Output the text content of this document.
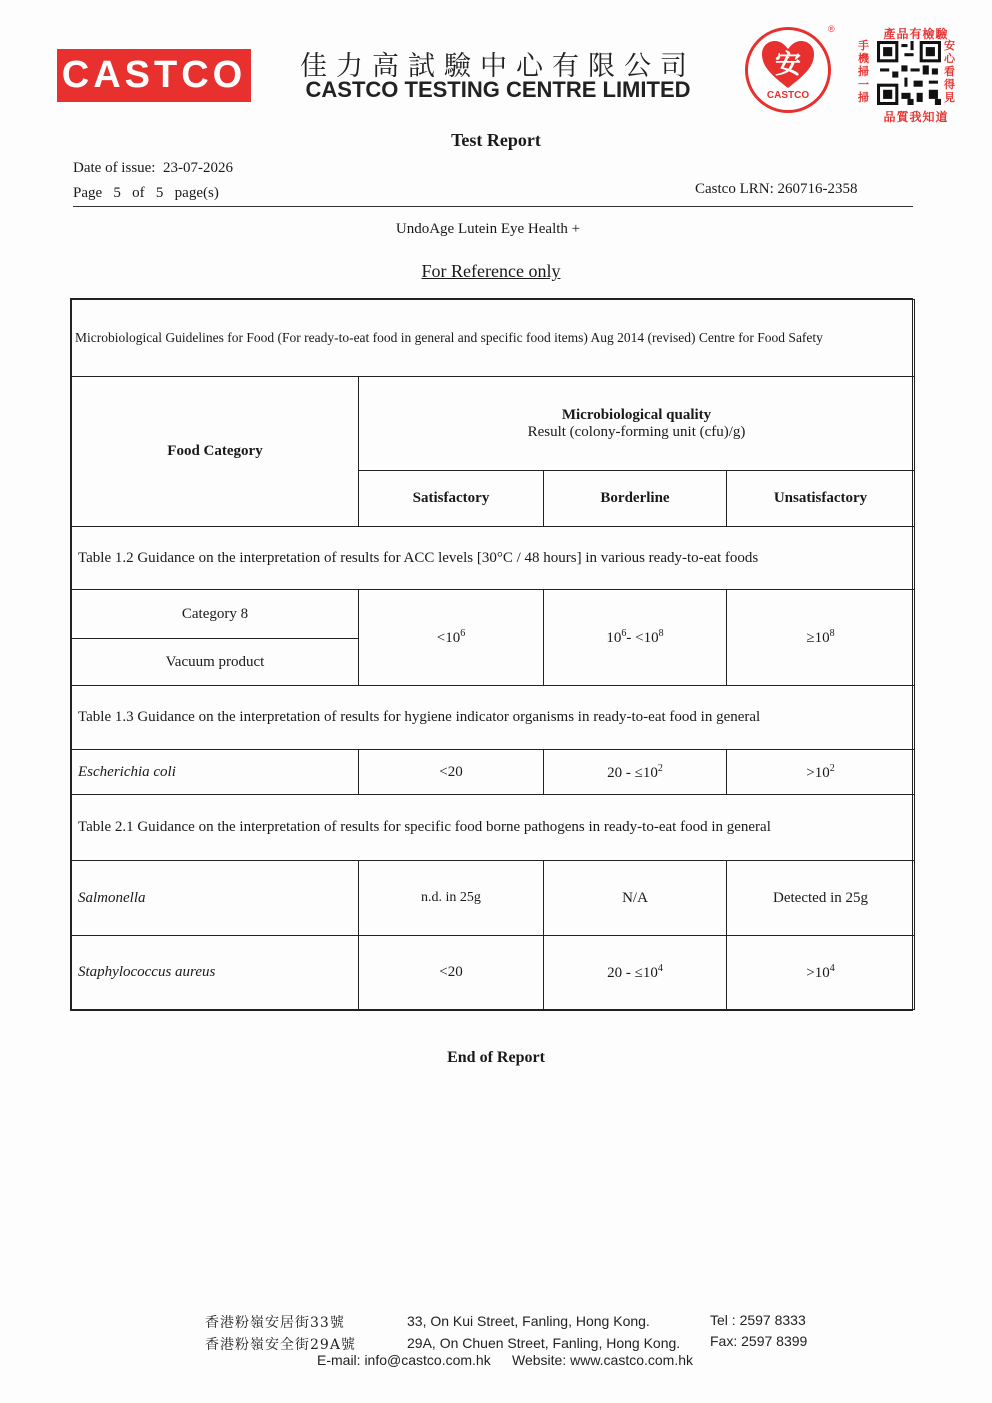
CASTCO 佳力高試驗中心有限公司
CASTCO TESTING CENTRE LIMITED
安
CASTCO
®	產品有檢驗
手機掃一掃
安心看得見
品質我知道
Test Report
Date of issue: 23-07-2026
Page 5 of 5 page(s)	Castco LRN: 260716-2358
UndoAge Lutein Eye Health +
For Reference only
Microbiological Guidelines for Food (For ready-to-eat food in general and specific food items) Aug 2014 (revised) Centre for Food Safety			
Food Category	Microbiological quality
Result (colony-forming unit (cfu)/g)		

	Satisfactory	Borderline	Unsatisfactory
Table 1.2 Guidance on the interpretation of results for ACC levels [30°C / 48 hours] in various ready-to-eat foods			
Category 8	$<10^6$	$10^6- <10^8$	$\ge 10^8$
Vacuum product			
Table 1.3 Guidance on the interpretation of results for hygiene indicator organisms in ready-to-eat food in general			
Escherichia coli	<20	$20 - \le 10^2$	$>10^2$
Table 2.1 Guidance on the interpretation of results for specific food borne pathogens in ready-to-eat food in general			
Salmonella	n.d. in 25g	N/A	Detected in 25g
Staphylococcus aureus	<20	$20 - \le 10^4$	$>10^4$
End of Report
香港粉嶺安居街33號
香港粉嶺安全街29A號
33, On Kui Street, Fanling, Hong Kong.
29A, On Chuen Street, Fanling, Hong Kong.
Tel : 2597 8333
Fax: 2597 8399
E-mail: info@castco.com.hk Website: www.castco.com.hk
